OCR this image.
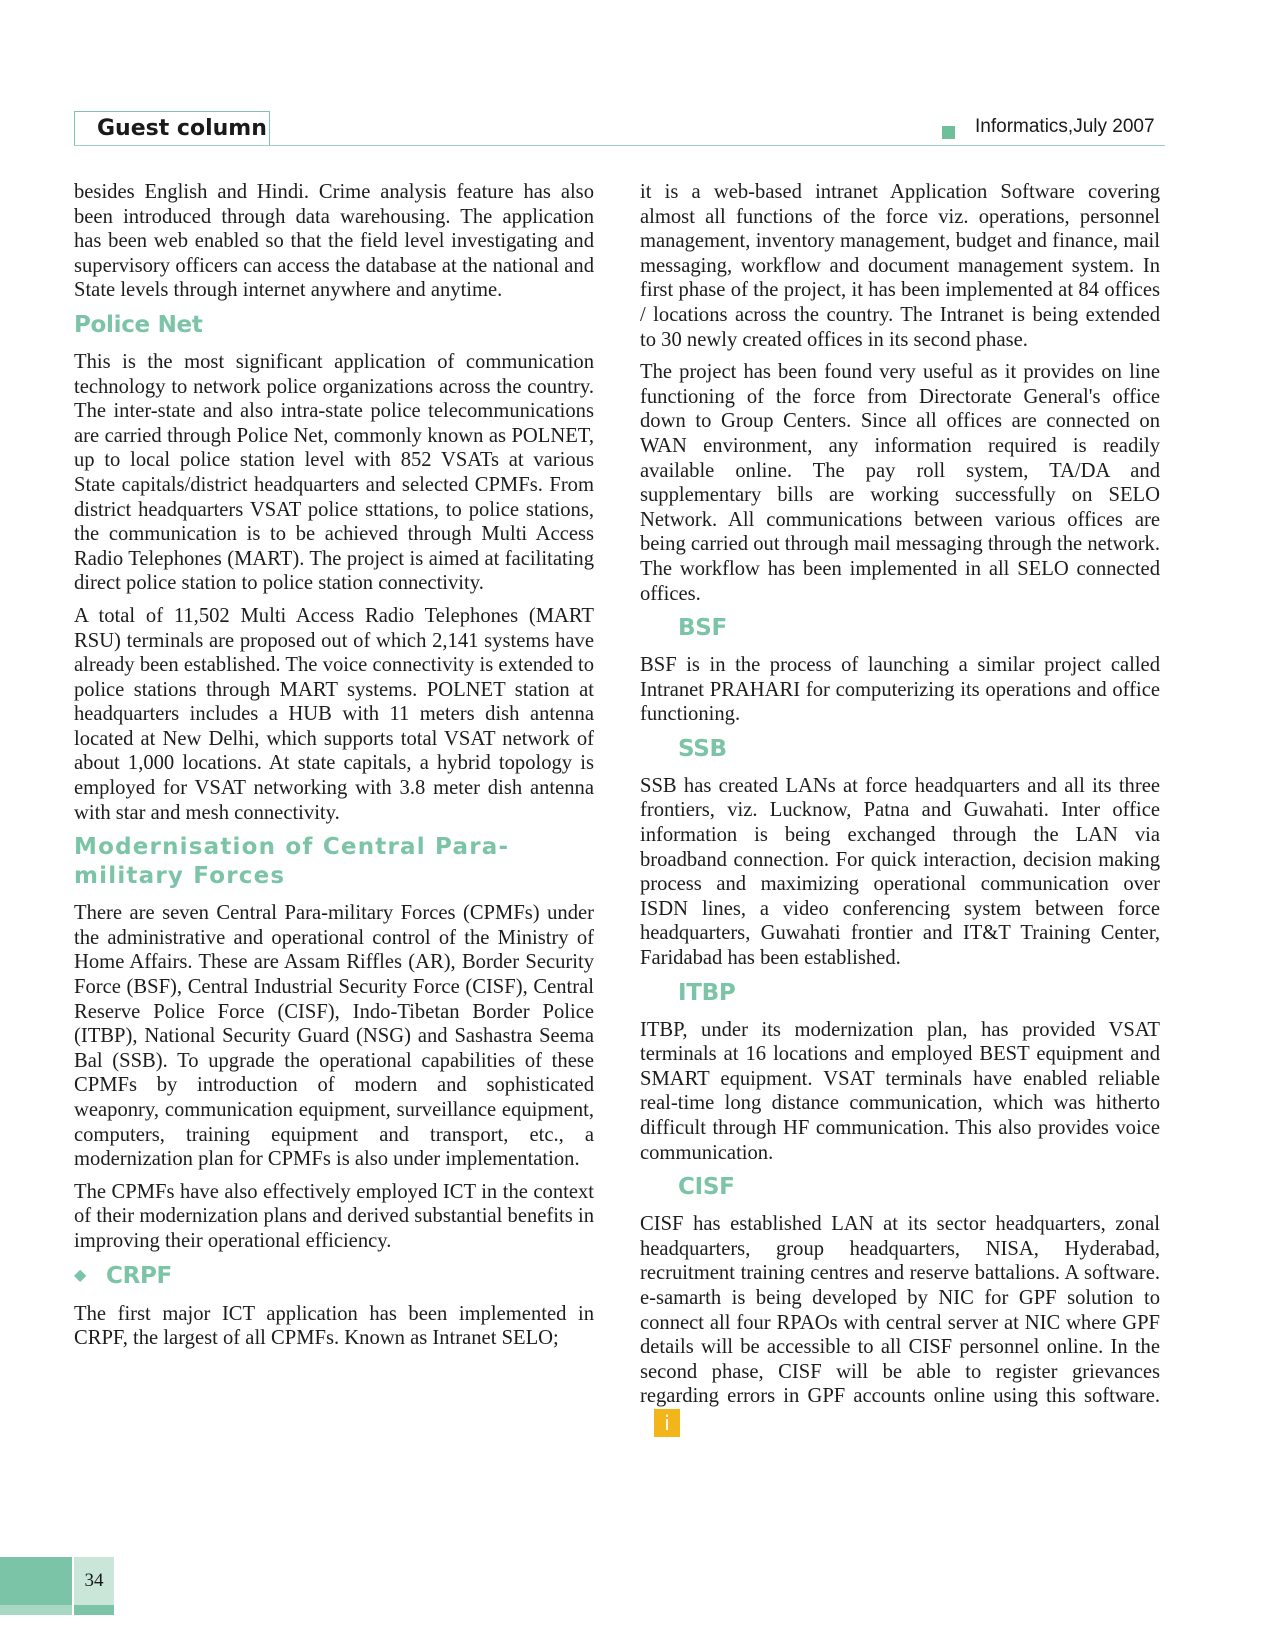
Guest column	Informatics,July 2007

besides English and Hindi. Crime analysis feature has also been introduced through data warehousing. The application has been web enabled so that the field level investigating and supervisory officers can access the database at the national and State levels through internet anywhere and anytime.

Police Net

This is the most significant application of communication technology to network police organizations across the country. The inter-state and also intra-state police telecommunications are carried through Police Net, commonly known as POLNET, up to local police station level with 852 VSATs at various State capitals/district headquarters and selected CPMFs. From district headquarters VSAT police sttations, to police stations, the communication is to be achieved through Multi Access Radio Telephones (MART). The project is aimed at facilitating direct police station to police station connectivity.

A total of 11,502 Multi Access Radio Telephones (MART RSU) terminals are proposed out of which 2,141 systems have already been established. The voice connectivity is extended to police stations through MART systems. POLNET station at headquarters includes a HUB with 11 meters dish antenna located at New Delhi, which supports total VSAT network of about 1,000 locations. At state capitals, a hybrid topology is employed for VSAT networking with 3.8 meter dish antenna with star and mesh connectivity.

Modernisation of Central Para-military Forces

There are seven Central Para-military Forces (CPMFs) under the administrative and operational control of the Ministry of Home Affairs. These are Assam Riffles (AR), Border Security Force (BSF), Central Industrial Security Force (CISF), Central Reserve Police Force (CISF), Indo-Tibetan Border Police (ITBP), National Security Guard (NSG) and Sashastra Seema Bal (SSB). To upgrade the operational capabilities of these CPMFs by introduction of modern and sophisticated weaponry, communication equipment, surveillance equipment, computers, training equipment and transport, etc., a modernization plan for CPMFs is also under implementation.

The CPMFs have also effectively employed ICT in the context of their modernization plans and derived substantial benefits in improving their operational efficiency.

◆ CRPF

The first major ICT application has been implemented in CRPF, the largest of all CPMFs. Known as Intranet SELO;

it is a web-based intranet Application Software covering almost all functions of the force viz. operations, personnel management, inventory management, budget and finance, mail messaging, workflow and document management system. In first phase of the project, it has been implemented at 84 offices / locations across the country. The Intranet is being extended to 30 newly created offices in its second phase.

The project has been found very useful as it provides on line functioning of the force from Directorate General's office down to Group Centers. Since all offices are connected on WAN environment, any information required is readily available online. The pay roll system, TA/DA and supplementary bills are working successfully on SELO Network. All communications between various offices are being carried out through mail messaging through the network. The workflow has been implemented in all SELO connected offices.

BSF

BSF is in the process of launching a similar project called Intranet PRAHARI for computerizing its operations and office functioning.

SSB

SSB has created LANs at force headquarters and all its three frontiers, viz. Lucknow, Patna and Guwahati. Inter office information is being exchanged through the LAN via broadband connection. For quick interaction, decision making process and maximizing operational communication over ISDN lines, a video conferencing system between force headquarters, Guwahati frontier and IT&T Training Center, Faridabad has been established.

ITBP

ITBP, under its modernization plan, has provided VSAT terminals at 16 locations and employed BEST equipment and SMART equipment. VSAT terminals have enabled reliable real-time long distance communication, which was hitherto difficult through HF communication. This also provides voice communication.

CISF

CISF has established LAN at its sector headquarters, zonal headquarters, group headquarters, NISA, Hyderabad, recruitment training centres and reserve battalions. A software. e-samarth is being developed by NIC for GPF solution to connect all four RPAOs with central server at NIC where GPF details will be accessible to all CISF personnel online. In the second phase, CISF will be able to register grievances regarding errors in GPF accounts online using this software.i

34
